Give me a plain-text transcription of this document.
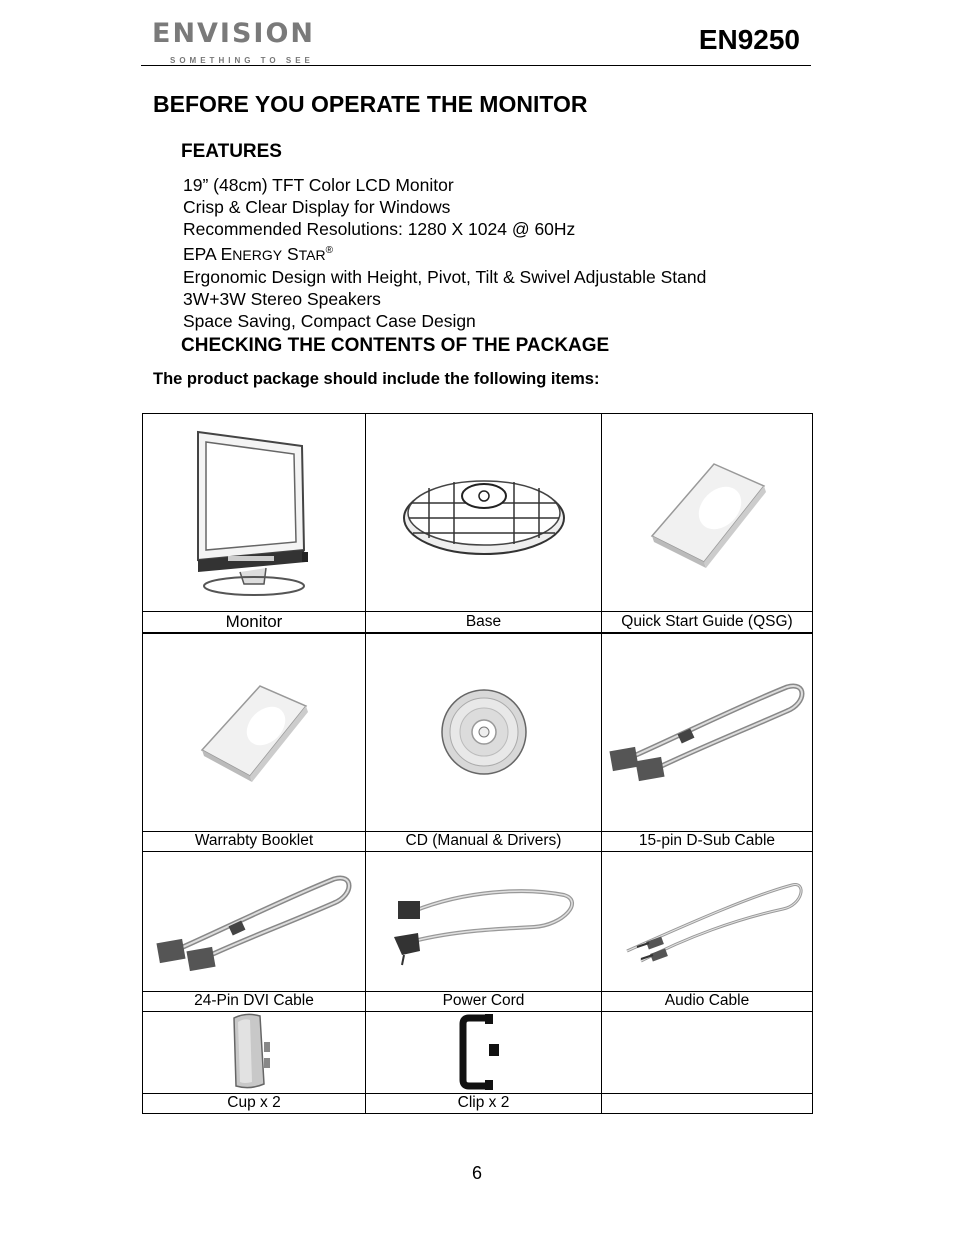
ENVISION
SOMETHING TO SEE
EN9250
BEFORE YOU OPERATE THE MONITOR
FEATURES
19” (48cm) TFT Color LCD Monitor
Crisp & Clear Display for Windows
Recommended Resolutions: 1280 X 1024 @ 60Hz
EPA ENERGY STAR®
Ergonomic Design with Height, Pivot, Tilt & Swivel Adjustable Stand
3W+3W Stereo Speakers
Space Saving, Compact Case Design
CHECKING THE CONTENTS OF THE PACKAGE
The product package should include the following items:

Monitor	Base	Quick Start Guide (QSG)

Warrabty Booklet	CD (Manual & Drivers)	15-pin D-Sub Cable

24-Pin DVI Cable	Power Cord	Audio Cable

Cup x 2	Clip x 2	
6
